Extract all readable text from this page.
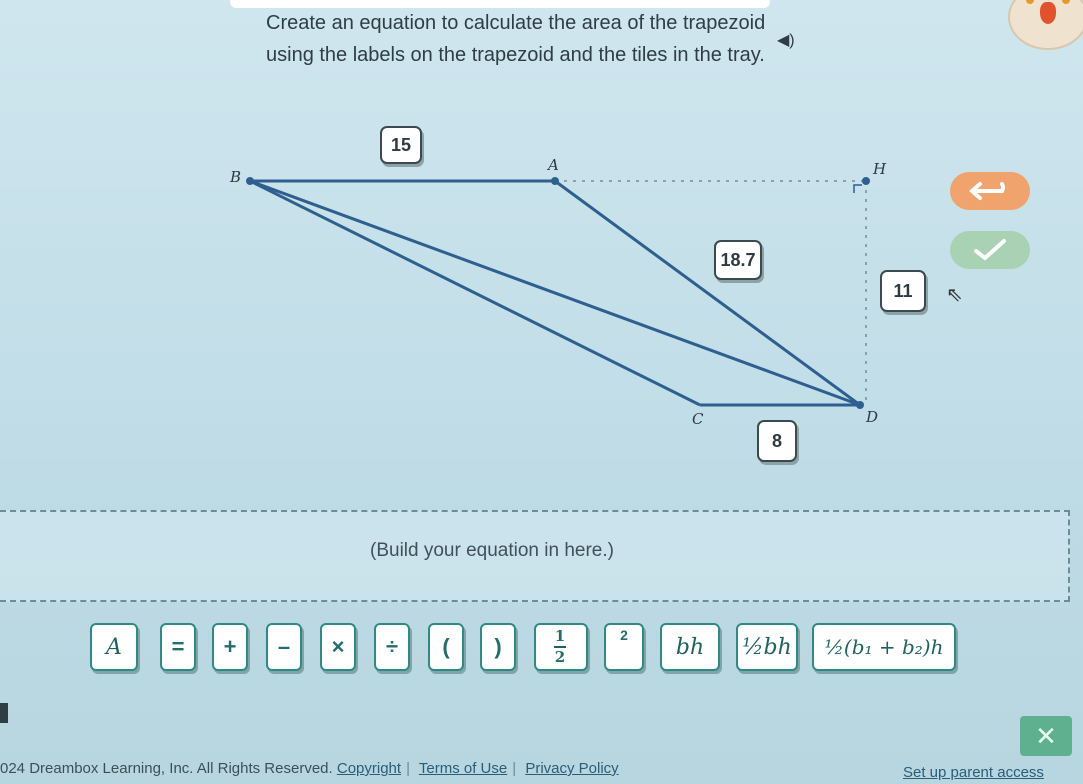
Create an equation to calculate the area of the trapezoid
using the labels on the trapezoid and the tiles in the tray.
◀)
B
A	H
C	D
15
18.7
11
8
⇖
(Build your equation in here.)
A	=	+	–	×	÷	(	)	$\frac{1}{2}$	2	bh	½bh	½(b₁ + b₂)h
✕
024 Dreambox Learning, Inc. All Rights Reserved. Copyright | Terms of Use | Privacy Policy	Set up parent access
